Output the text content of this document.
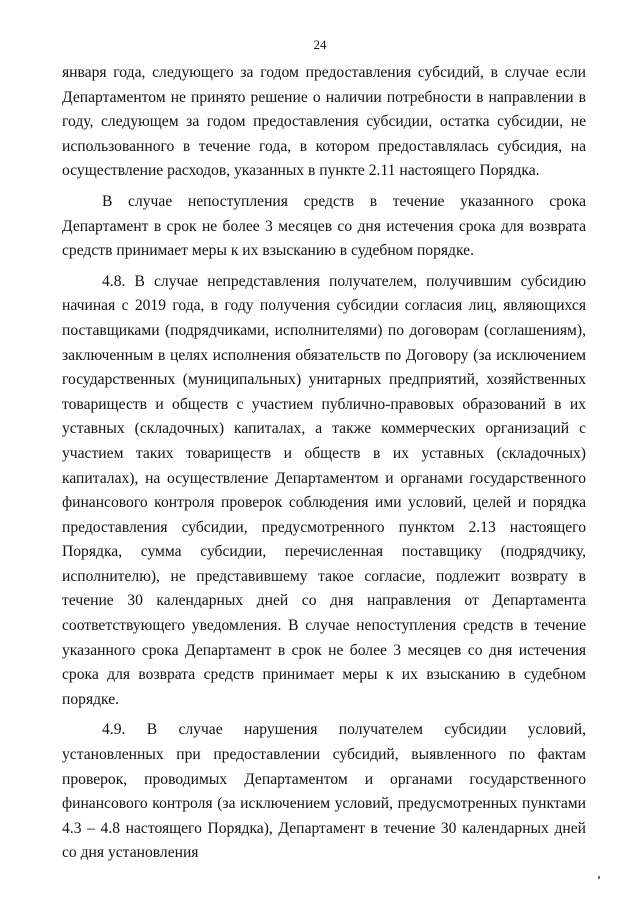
24

января года, следующего за годом предоставления субсидий, в случае если Департаментом не принято решение о наличии потребности в направлении в году, следующем за годом предоставления субсидии, остатка субсидии, не использованного в течение года, в котором предоставлялась субсидия, на осуществление расходов, указанных в пункте 2.11 настоящего Порядка.

В случае непоступления средств в течение указанного срока Департамент в срок не более 3 месяцев со дня истечения срока для возврата средств принимает меры к их взысканию в судебном порядке.

4.8. В случае непредставления получателем, получившим субсидию начиная с 2019 года, в году получения субсидии согласия лиц, являющихся поставщиками (подрядчиками, исполнителями) по договорам (соглашениям), заключенным в целях исполнения обязательств по Договору (за исключением государственных (муниципальных) унитарных предприятий, хозяйственных товариществ и обществ с участием публично-правовых образований в их уставных (складочных) капиталах, а также коммерческих организаций с участием таких товариществ и обществ в их уставных (складочных) капиталах), на осуществление Департаментом и органами государственного финансового контроля проверок соблюдения ими условий, целей и порядка предоставления субсидии, предусмотренного пунктом 2.13 настоящего Порядка, сумма субсидии, перечисленная поставщику (подрядчику, исполнителю), не представившему такое согласие, подлежит возврату в течение 30 календарных дней со дня направления от Департамента соответствующего уведомления. В случае непоступления средств в течение указанного срока Департамент в срок не более 3 месяцев со дня истечения срока для возврата средств принимает меры к их взысканию в судебном порядке.

4.9. В случае нарушения получателем субсидии условий, установленных при предоставлении субсидий, выявленного по фактам проверок, проводимых Департаментом и органами государственного финансового контроля (за исключением условий, предусмотренных пунктами 4.3 – 4.8 настоящего Порядка), Департамент в течение 30 календарных дней со дня установления
